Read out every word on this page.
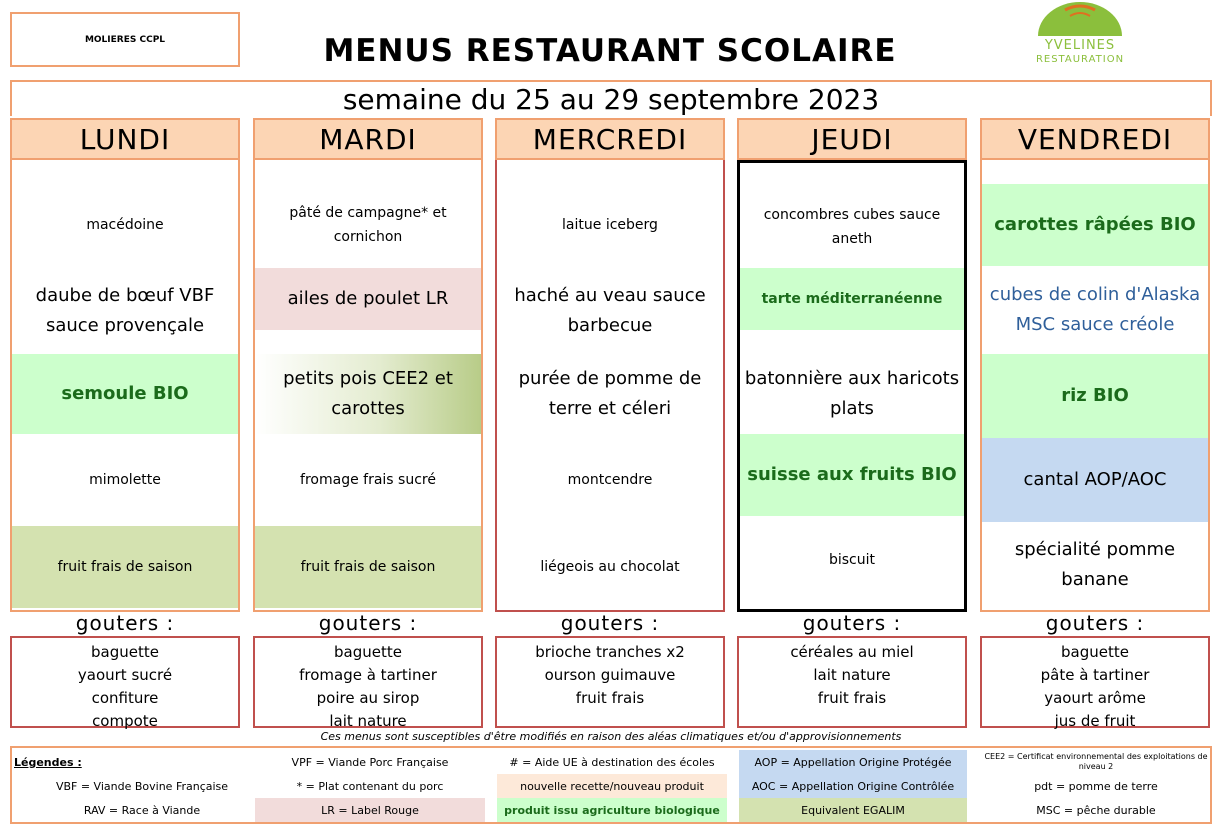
MOLIERES CCPL	MENUS RESTAURANT SCOLAIRE	YVELINES
RESTAURATION
semaine du 25 au 29 septembre 2023
LUNDI
macédoine
daube de bœuf VBF sauce provençale
semoule BIO
mimolette
fruit frais de saison
gouters :
baguette
yaourt sucré
confiture
compote
MARDI
pâté de campagne* et cornichon
ailes de poulet LR
petits pois CEE2 et carottes
fromage frais sucré
fruit frais de saison
gouters :
baguette
fromage à tartiner
poire au sirop
lait nature
MERCREDI
laitue iceberg
haché au veau sauce barbecue
purée de pomme de terre et céleri
montcendre
liégeois au chocolat
gouters :
brioche tranches x2
ourson guimauve
fruit frais
JEUDI
concombres cubes sauce aneth
tarte méditerranéenne
batonnière aux haricots plats
suisse aux fruits BIO
biscuit
gouters :
céréales au miel
lait nature
fruit frais
VENDREDI
carottes râpées BIO
cubes de colin d'Alaska MSC sauce créole
riz BIO
cantal AOP/AOC
spécialité pomme banane
gouters :
baguette
pâte à tartiner
yaourt arôme
jus de fruit
Ces menus sont susceptibles d'être modifiés en raison des aléas climatiques et/ou d'approvisionnements
Légendes :
VBF = Viande Bovine Française
RAV = Race à Viande
VPF = Viande Porc Française
* = Plat contenant du porc
LR = Label Rouge
# = Aide UE à destination des écoles
nouvelle recette/nouveau produit
produit issu agriculture biologique
AOP = Appellation Origine Protégée
AOC = Appellation Origine Contrôlée
Equivalent EGALIM
CEE2 = Certificat environnemental des exploitations de niveau 2
pdt = pomme de terre
MSC = pêche durable
